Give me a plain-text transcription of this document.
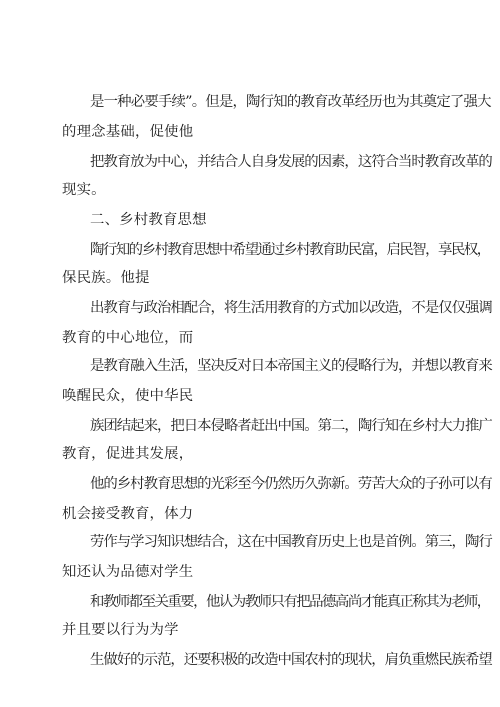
是一种必要手续”。但是，陶行知的教育改革经历也为其奠定了强大

的理念基础，促使他

把教育放为中心，并结合人自身发展的因素，这符合当时教育改革的

现实。

二、乡村教育思想

陶行知的乡村教育思想中希望通过乡村教育助民富，启民智，享民权，

保民族。他提

出教育与政治相配合，将生活用教育的方式加以改造，不是仅仅强调

教育的中心地位，而

是教育融入生活，坚决反对日本帝国主义的侵略行为，并想以教育来

唤醒民众，使中华民

族团结起来，把日本侵略者赶出中国。第二，陶行知在乡村大力推广

教育，促进其发展，

他的乡村教育思想的光彩至今仍然历久弥新。劳苦大众的子孙可以有

机会接受教育，体力

劳作与学习知识想结合，这在中国教育历史上也是首例。第三，陶行

知还认为品德对学生

和教师都至关重要，他认为教师只有把品德高尚才能真正称其为老师，

并且要以行为为学

生做好的示范，还要积极的改造中国农村的现状，肩负重燃民族希望
